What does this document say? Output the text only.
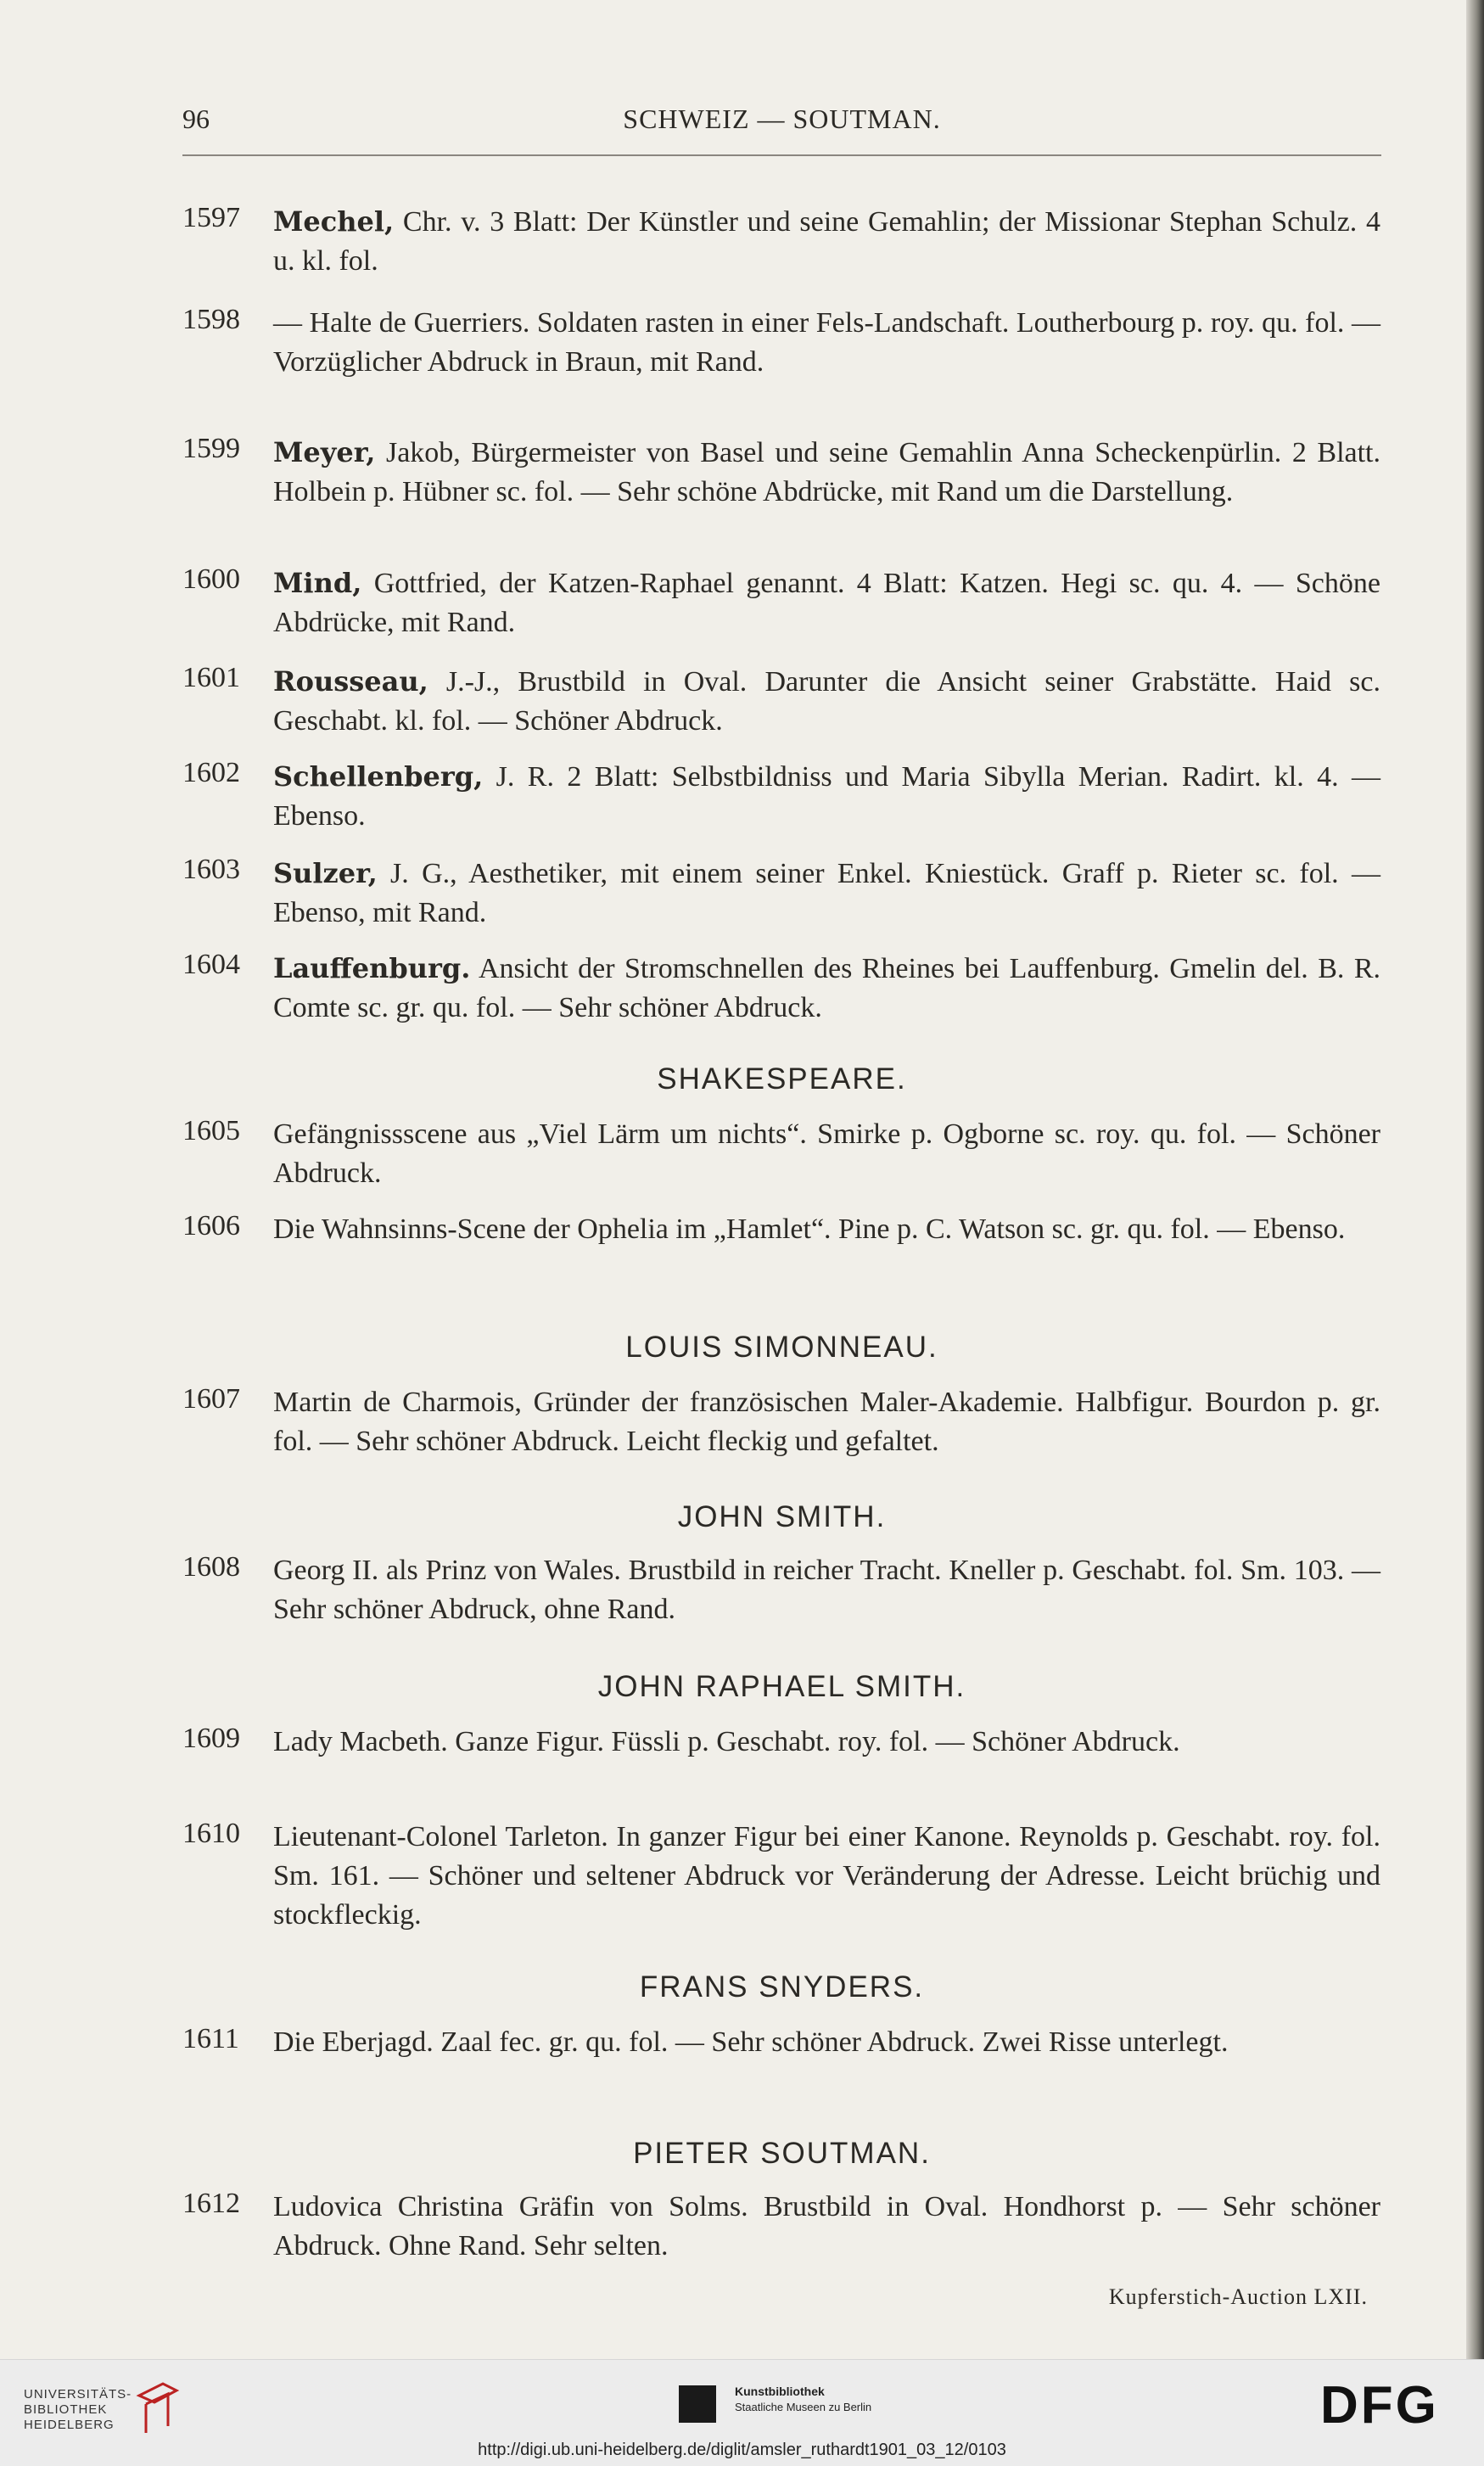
96	SCHWEIZ — SOUTMAN.
1597 Mechel, Chr. v. 3 Blatt: Der Künstler und seine Gemahlin; der Missionar Stephan Schulz. 4 u. kl. fol.
1598 — Halte de Guerriers. Soldaten rasten in einer Fels-Landschaft. Loutherbourg p. roy. qu. fol. — Vorzüglicher Abdruck in Braun, mit Rand.
1599 Meyer, Jakob, Bürgermeister von Basel und seine Gemahlin Anna Scheckenpürlin. 2 Blatt. Holbein p. Hübner sc. fol. — Sehr schöne Abdrücke, mit Rand um die Darstellung.
1600 Mind, Gottfried, der Katzen-Raphael genannt. 4 Blatt: Katzen. Hegi sc. qu. 4. — Schöne Abdrücke, mit Rand.
1601 Rousseau, J.-J., Brustbild in Oval. Darunter die Ansicht seiner Grabstätte. Haid sc. Geschabt. kl. fol. — Schöner Abdruck.
1602 Schellenberg, J. R. 2 Blatt: Selbstbildniss und Maria Sibylla Merian. Radirt. kl. 4. — Ebenso.
1603 Sulzer, J. G., Aesthetiker, mit einem seiner Enkel. Kniestück. Graff p. Rieter sc. fol. — Ebenso, mit Rand.
1604 Lauffenburg. Ansicht der Stromschnellen des Rheines bei Lauffenburg. Gmelin del. B. R. Comte sc. gr. qu. fol. — Sehr schöner Abdruck.
SHAKESPEARE.
1605 Gefängnissscene aus „Viel Lärm um nichts“. Smirke p. Ogborne sc. roy. qu. fol. — Schöner Abdruck.
1606 Die Wahnsinns-Scene der Ophelia im „Hamlet“. Pine p. C. Watson sc. gr. qu. fol. — Ebenso.
LOUIS SIMONNEAU.
1607 Martin de Charmois, Gründer der französischen Maler-Akademie. Halbfigur. Bourdon p. gr. fol. — Sehr schöner Abdruck. Leicht fleckig und gefaltet.
JOHN SMITH.
1608 Georg II. als Prinz von Wales. Brustbild in reicher Tracht. Kneller p. Geschabt. fol. Sm. 103. — Sehr schöner Abdruck, ohne Rand.
JOHN RAPHAEL SMITH.
1609 Lady Macbeth. Ganze Figur. Füssli p. Geschabt. roy. fol. — Schöner Abdruck.
1610 Lieutenant-Colonel Tarleton. In ganzer Figur bei einer Kanone. Reynolds p. Geschabt. roy. fol. Sm. 161. — Schöner und seltener Abdruck vor Veränderung der Adresse. Leicht brüchig und stockfleckig.
FRANS SNYDERS.
1611 Die Eberjagd. Zaal fec. gr. qu. fol. — Sehr schöner Abdruck. Zwei Risse unterlegt.
PIETER SOUTMAN.
1612 Ludovica Christina Gräfin von Solms. Brustbild in Oval. Hondhorst p. — Sehr schöner Abdruck. Ohne Rand. Sehr selten.
Kupferstich-Auction LXII.
UNIVERSITÄTS-
BIBLIOTHEK
HEIDELBERG
Kunstbibliothek
Staatliche Museen zu Berlin	DFG
http://digi.ub.uni-heidelberg.de/diglit/amsler_ruthardt1901_03_12/0103
